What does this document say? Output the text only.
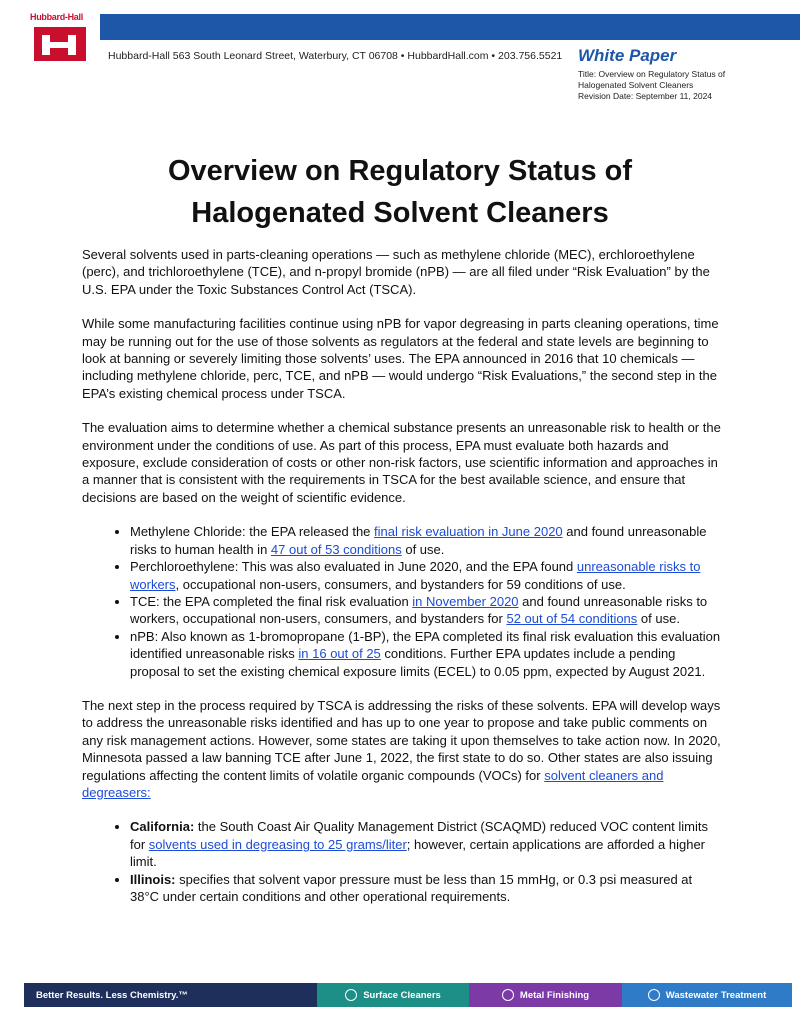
Hubbard-Hall
Hubbard-Hall 563 South Leonard Street, Waterbury, CT 06708 • HubbardHall.com • 203.756.5521 White Paper
Title: Overview on Regulatory Status of
Halogenated Solvent Cleaners
Revision Date: September 11, 2024
Overview on Regulatory Status of
Halogenated Solvent Cleaners

Several solvents used in parts-cleaning operations — such as methylene chloride (MEC), erchloroethylene (perc), and trichloroethylene (TCE), and n-propyl bromide (nPB) — are all filed under “Risk Evaluation” by the U.S. EPA under the Toxic Substances Control Act (TSCA).

While some manufacturing facilities continue using nPB for vapor degreasing in parts cleaning operations, time may be running out for the use of those solvents as regulators at the federal and state levels are beginning to look at banning or severely limiting those solvents’ uses. The EPA announced in 2016 that 10 chemicals — including methylene chloride, perc, TCE, and nPB — would undergo “Risk Evaluations,” the second step in the EPA’s existing chemical process under TSCA.

The evaluation aims to determine whether a chemical substance presents an unreasonable risk to health or the environment under the conditions of use. As part of this process, EPA must evaluate both hazards and exposure, exclude consideration of costs or other non-risk factors, use scientific information and approaches in a manner that is consistent with the requirements in TSCA for the best available science, and ensure that decisions are based on the weight of scientific evidence.

• Methylene Chloride: the EPA released the final risk evaluation in June 2020 and found unreasonable risks to human health in 47 out of 53 conditions of use.
• Perchloroethylene: This was also evaluated in June 2020, and the EPA found unreasonable risks to workers, occupational non-users, consumers, and bystanders for 59 conditions of use.
• TCE: the EPA completed the final risk evaluation in November 2020 and found unreasonable risks to workers, occupational non-users, consumers, and bystanders for 52 out of 54 conditions of use.
• nPB: Also known as 1-bromopropane (1-BP), the EPA completed its final risk evaluation this evaluation identified unreasonable risks in 16 out of 25 conditions. Further EPA updates include a pending proposal to set the existing chemical exposure limits (ECEL) to 0.05 ppm, expected by August 2021.

The next step in the process required by TSCA is addressing the risks of these solvents. EPA will develop ways to address the unreasonable risks identified and has up to one year to propose and take public comments on any risk management actions. However, some states are taking it upon themselves to take action now. In 2020, Minnesota passed a law banning TCE after June 1, 2022, the first state to do so. Other states are also issuing regulations affecting the content limits of volatile organic compounds (VOCs) for solvent cleaners and degreasers:

• California: the South Coast Air Quality Management District (SCAQMD) reduced VOC content limits for solvents used in degreasing to 25 grams/liter; however, certain applications are afforded a higher limit.
• Illinois: specifies that solvent vapor pressure must be less than 15 mmHg, or 0.3 psi measured at 38°C under certain conditions and other operational requirements.
Better Results. Less Chemistry.™	Surface Cleaners	Metal Finishing	Wastewater Treatment
